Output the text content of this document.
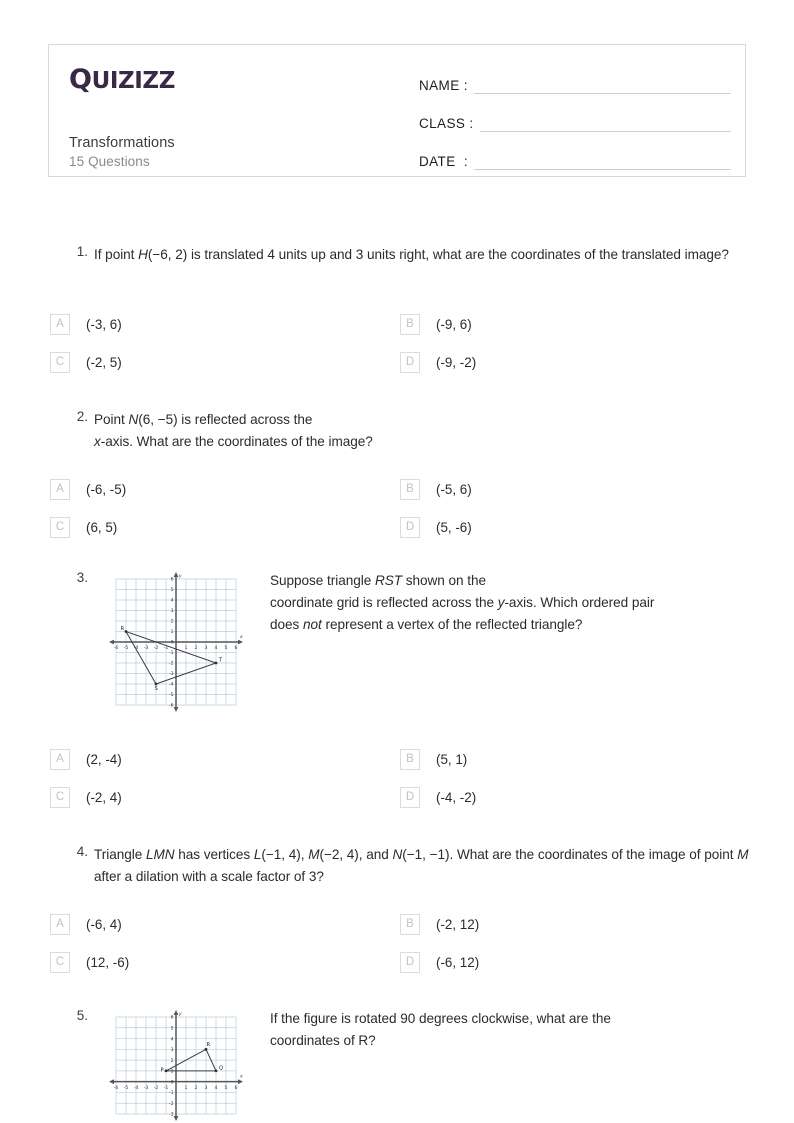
QUIZIZZ
Transformations
15 Questions
NAME :
CLASS :
DATE  :
1. If point H(−6, 2) is translated 4 units up and 3 units right, what are the coordinates of the translated image?
A	(-3, 6)	B	(-9, 6)
C	(-2, 5)	D	(-9, -2)
2. Point N(6, −5) is reflected across the
x-axis. What are the coordinates of the image?
A	(-6, -5)	B	(-5, 6)
C	(6, 5)	D	(5, -6)
3.
x
y
-6 -5 -4 -3 -2 -1	1 2 3 4 5 6
-6
-5
-4
-3
-2
-1
0
1
2
3
4
5
6
R
S
T
Suppose triangle RST shown on the
coordinate grid is reflected across the y-axis. Which ordered pair
does not represent a vertex of the reflected triangle?
A	(2, -4)	B	(5, 1)
C	(-2, 4)	D	(-4, -2)
4. Triangle LMN has vertices L(−1, 4), M(−2, 4), and N(−1, −1). What are the coordinates of the image of point M after a dilation with a scale factor of 3?
A	(-6, 4)	B	(-2, 12)
C	(12, -6)	D	(-6, 12)
5.
x
y
-6 -5 -4 -3 -2 -1	1 2 3 4 5 6
-3
-2
-1
0
1
2
3
4
5
6
P
R
Q
If the figure is rotated 90 degrees clockwise, what are the
coordinates of R?
